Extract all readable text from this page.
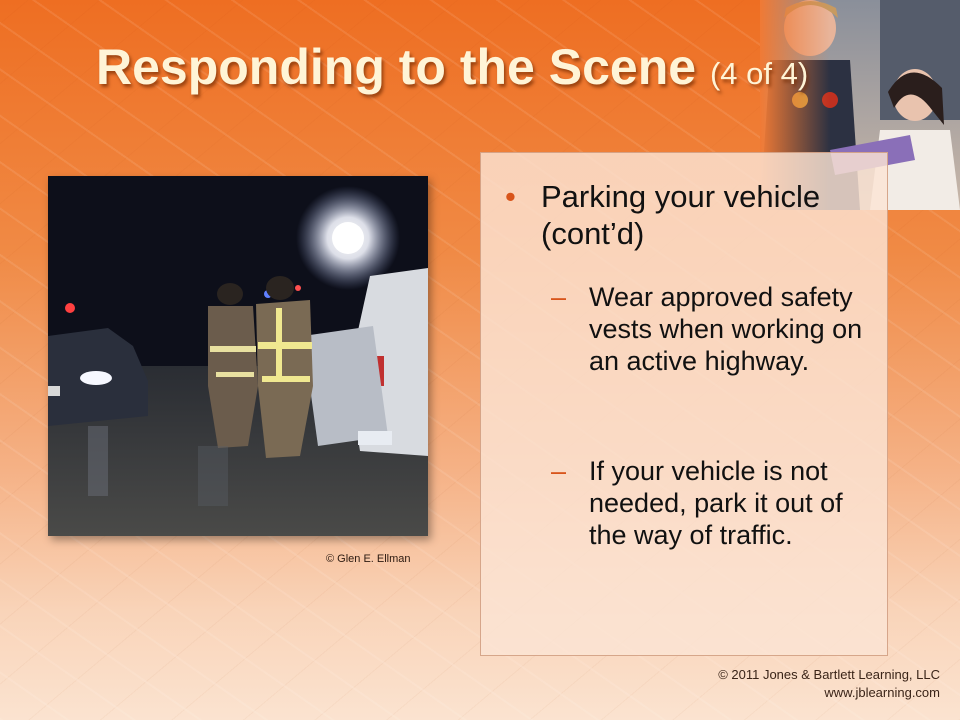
Responding to the Scene (4 of 4)
© Glen E. Ellman
• Parking your vehicle (cont’d)
– Wear approved safety vests when working on an active highway.
– If your vehicle is not needed, park it out of the way of traffic.
© 2011 Jones & Bartlett Learning, LLC
www.jblearning.com
